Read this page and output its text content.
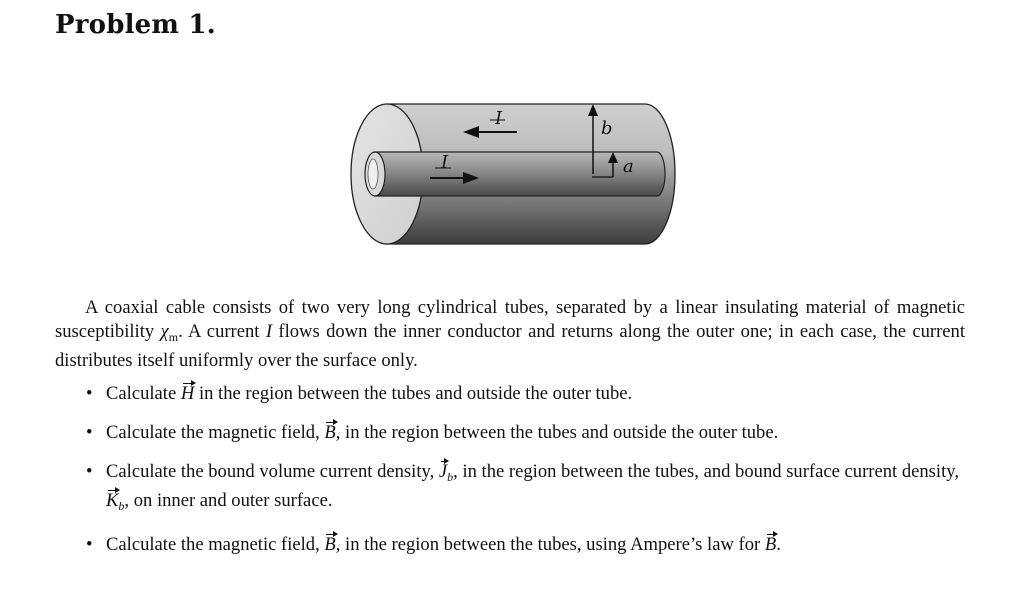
Problem 1.
I
I
b
a

A coaxial cable consists of two very long cylindrical tubes, separated by a linear insulating material of magnetic susceptibility $\chi_m$. A current I flows down the inner conductor and returns along the outer one; in each case, the current distributes itself uniformly over the surface only.

• Calculate H in the region between the tubes and outside the outer tube.
• Calculate the magnetic field, B, in the region between the tubes and outside the outer tube.
• Calculate the bound volume current density, $J_b$, in the region between the tubes, and bound surface current density, $K_b$, on inner and outer surface.
• Calculate the magnetic field, B, in the region between the tubes, using Ampere’s law for B.
